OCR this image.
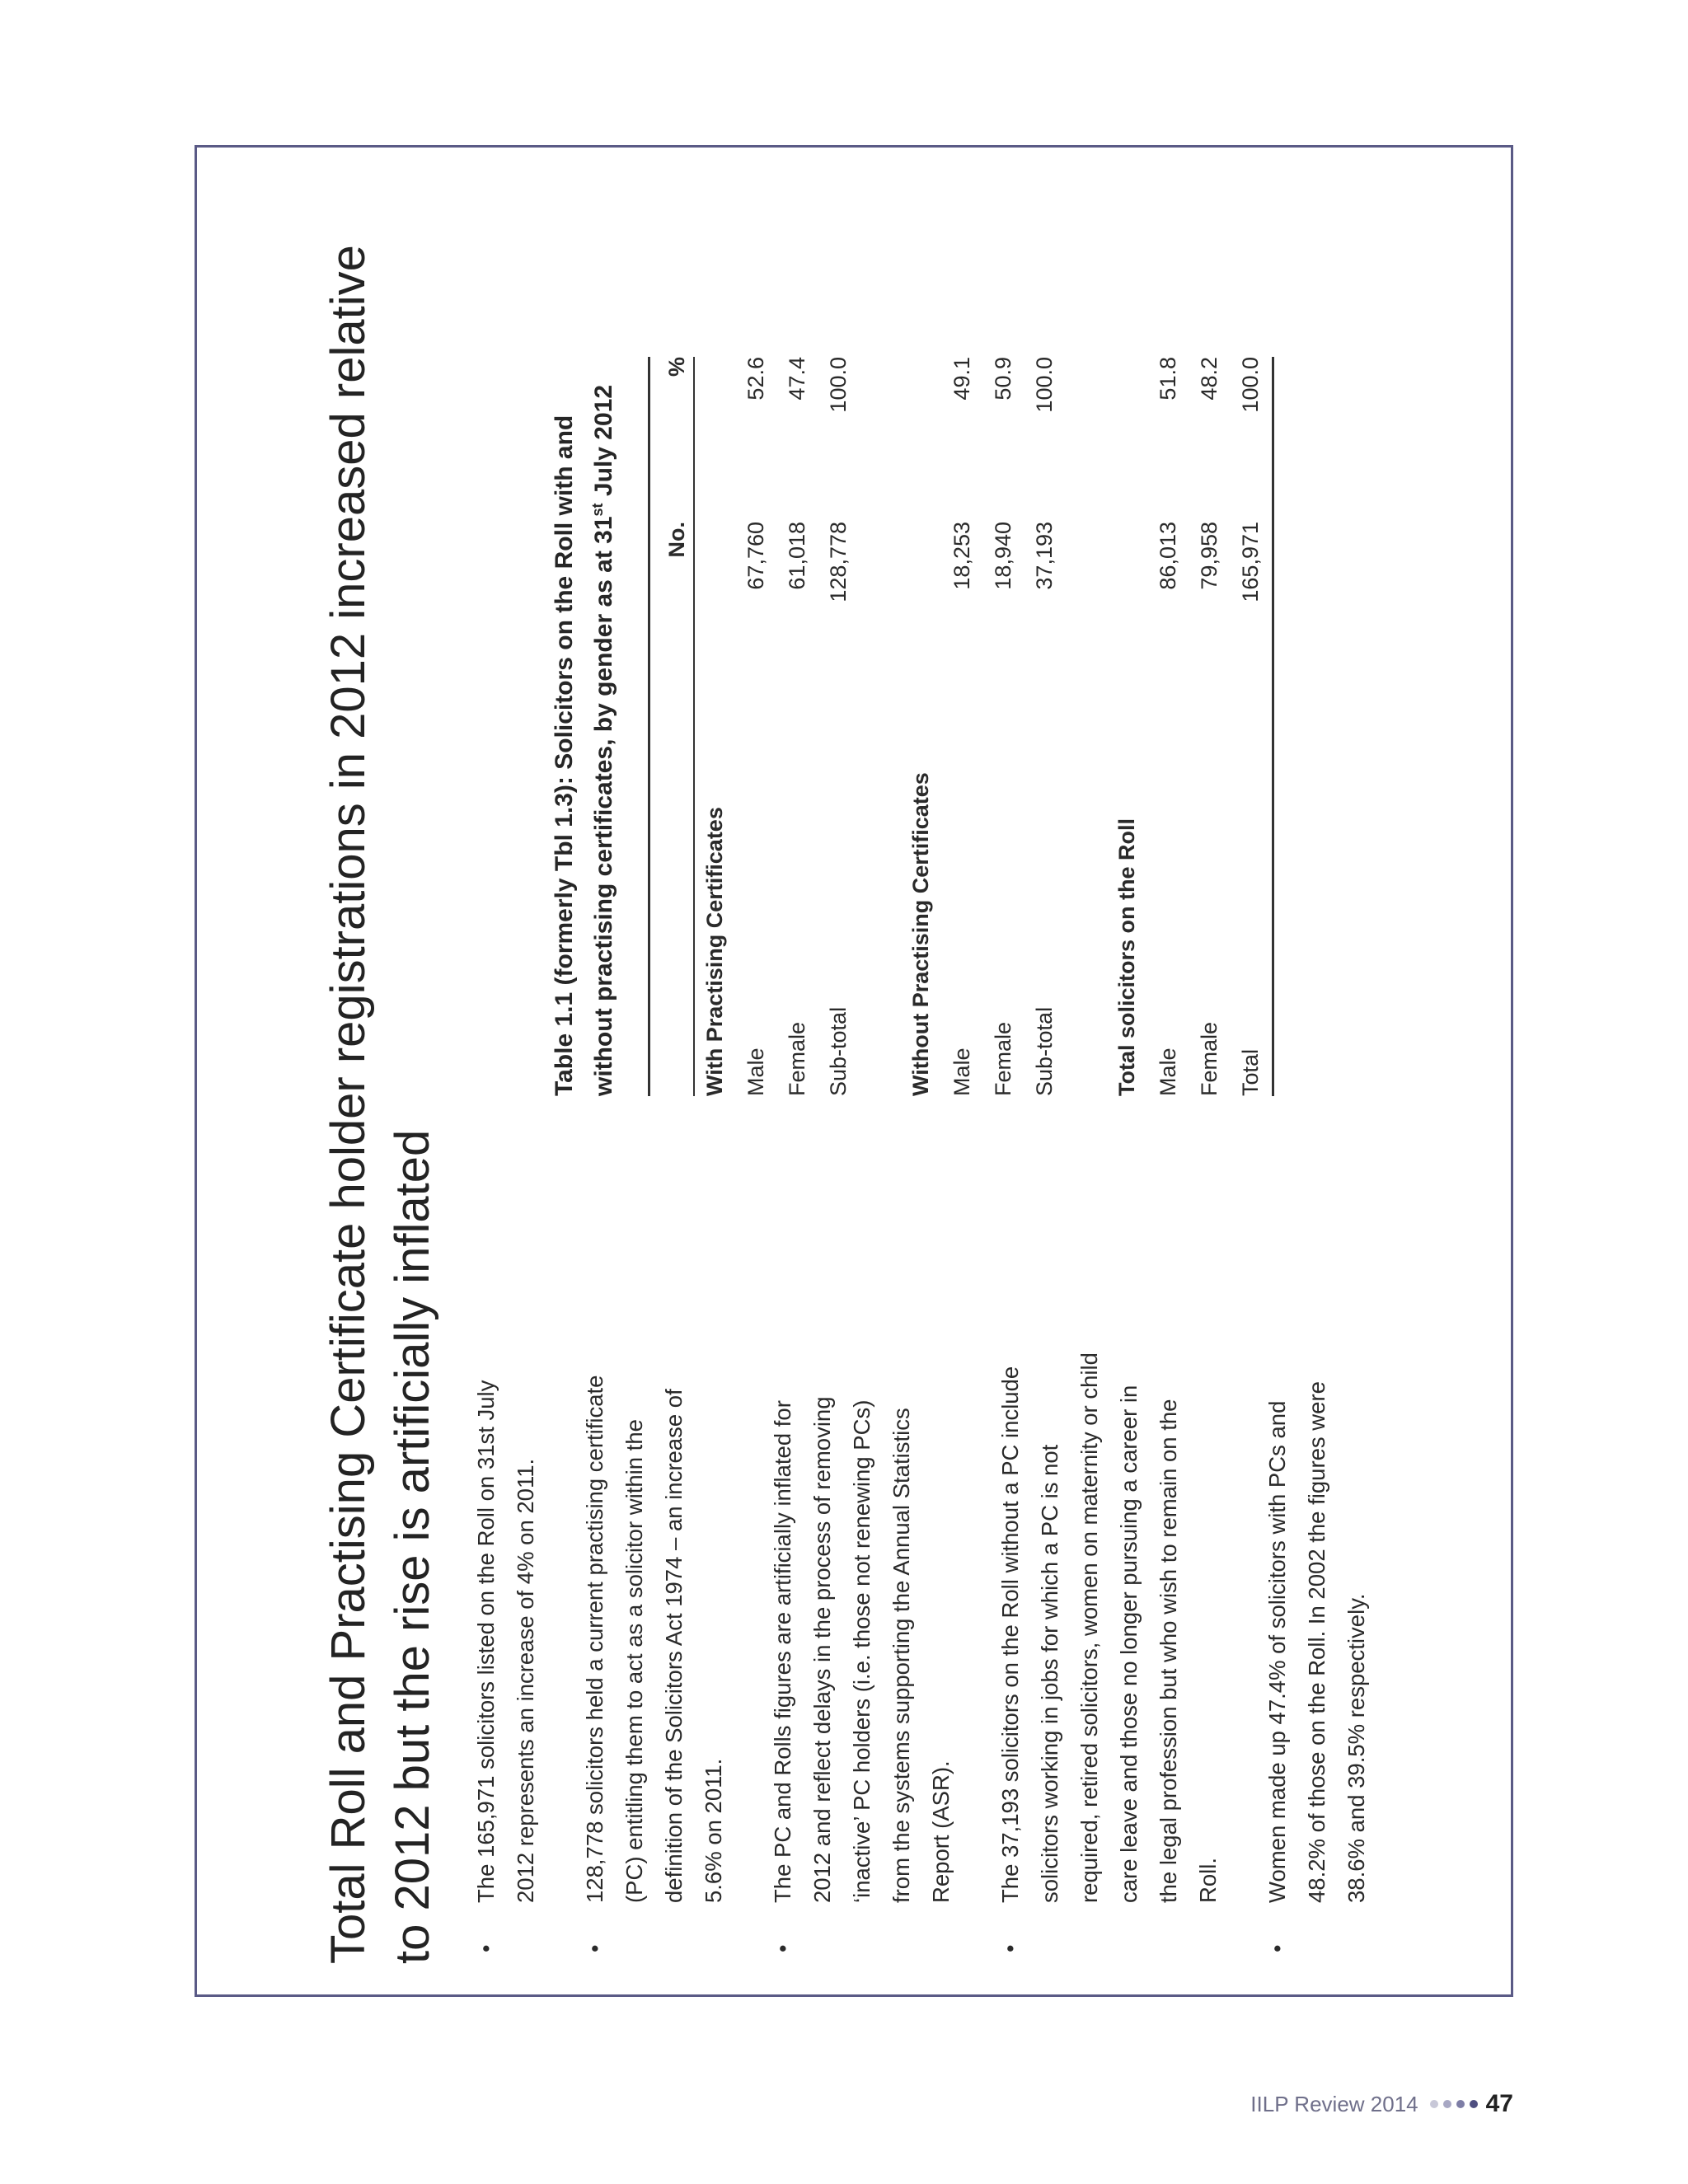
Total Roll and Practising Certificate holder registrations in 2012 increased relative to 2012 but the rise is artificially inflated	•
The 165,971 solicitors listed on the Roll on 31st July 2012 represents an increase of 4% on 2011.
•
128,778 solicitors held a current practising certificate (PC) entitling them to act as a solicitor within the definition of the Solicitors Act 1974 – an increase of 5.6% on 2011.
•
The PC and Rolls figures are artificially inflated for 2012 and reflect delays in the process of removing ‘inactive’ PC holders (i.e. those not renewing PCs) from the systems supporting the Annual Statistics Report (ASR).
•
The 37,193 solicitors on the Roll without a PC include solicitors working in jobs for which a PC is not required, retired solicitors, women on maternity or child care leave and those no longer pursuing a career in the legal profession but who wish to remain on the Roll.
•
Women made up 47.4% of solicitors with PCs and 48.2% of those on the Roll. In 2002 the figures were 38.6% and 39.5% respectively.
Table 1.1 (formerly Tbl 1.3): Solicitors on the Roll with and without practising certificates, by gender as at 31st July 2012
	No.	%
With Practising Certificates		
Male	67,760	52.6
Female	61,018	47.4
Sub-total	128,778	100.0

Without Practising Certificates		
Male	18,253	49.1
Female	18,940	50.9
Sub-total	37,193	100.0

Total solicitors on the Roll		
Male	86,013	51.8
Female	79,958	48.2
Total	165,971	100.0
IILP Review 2014	47
